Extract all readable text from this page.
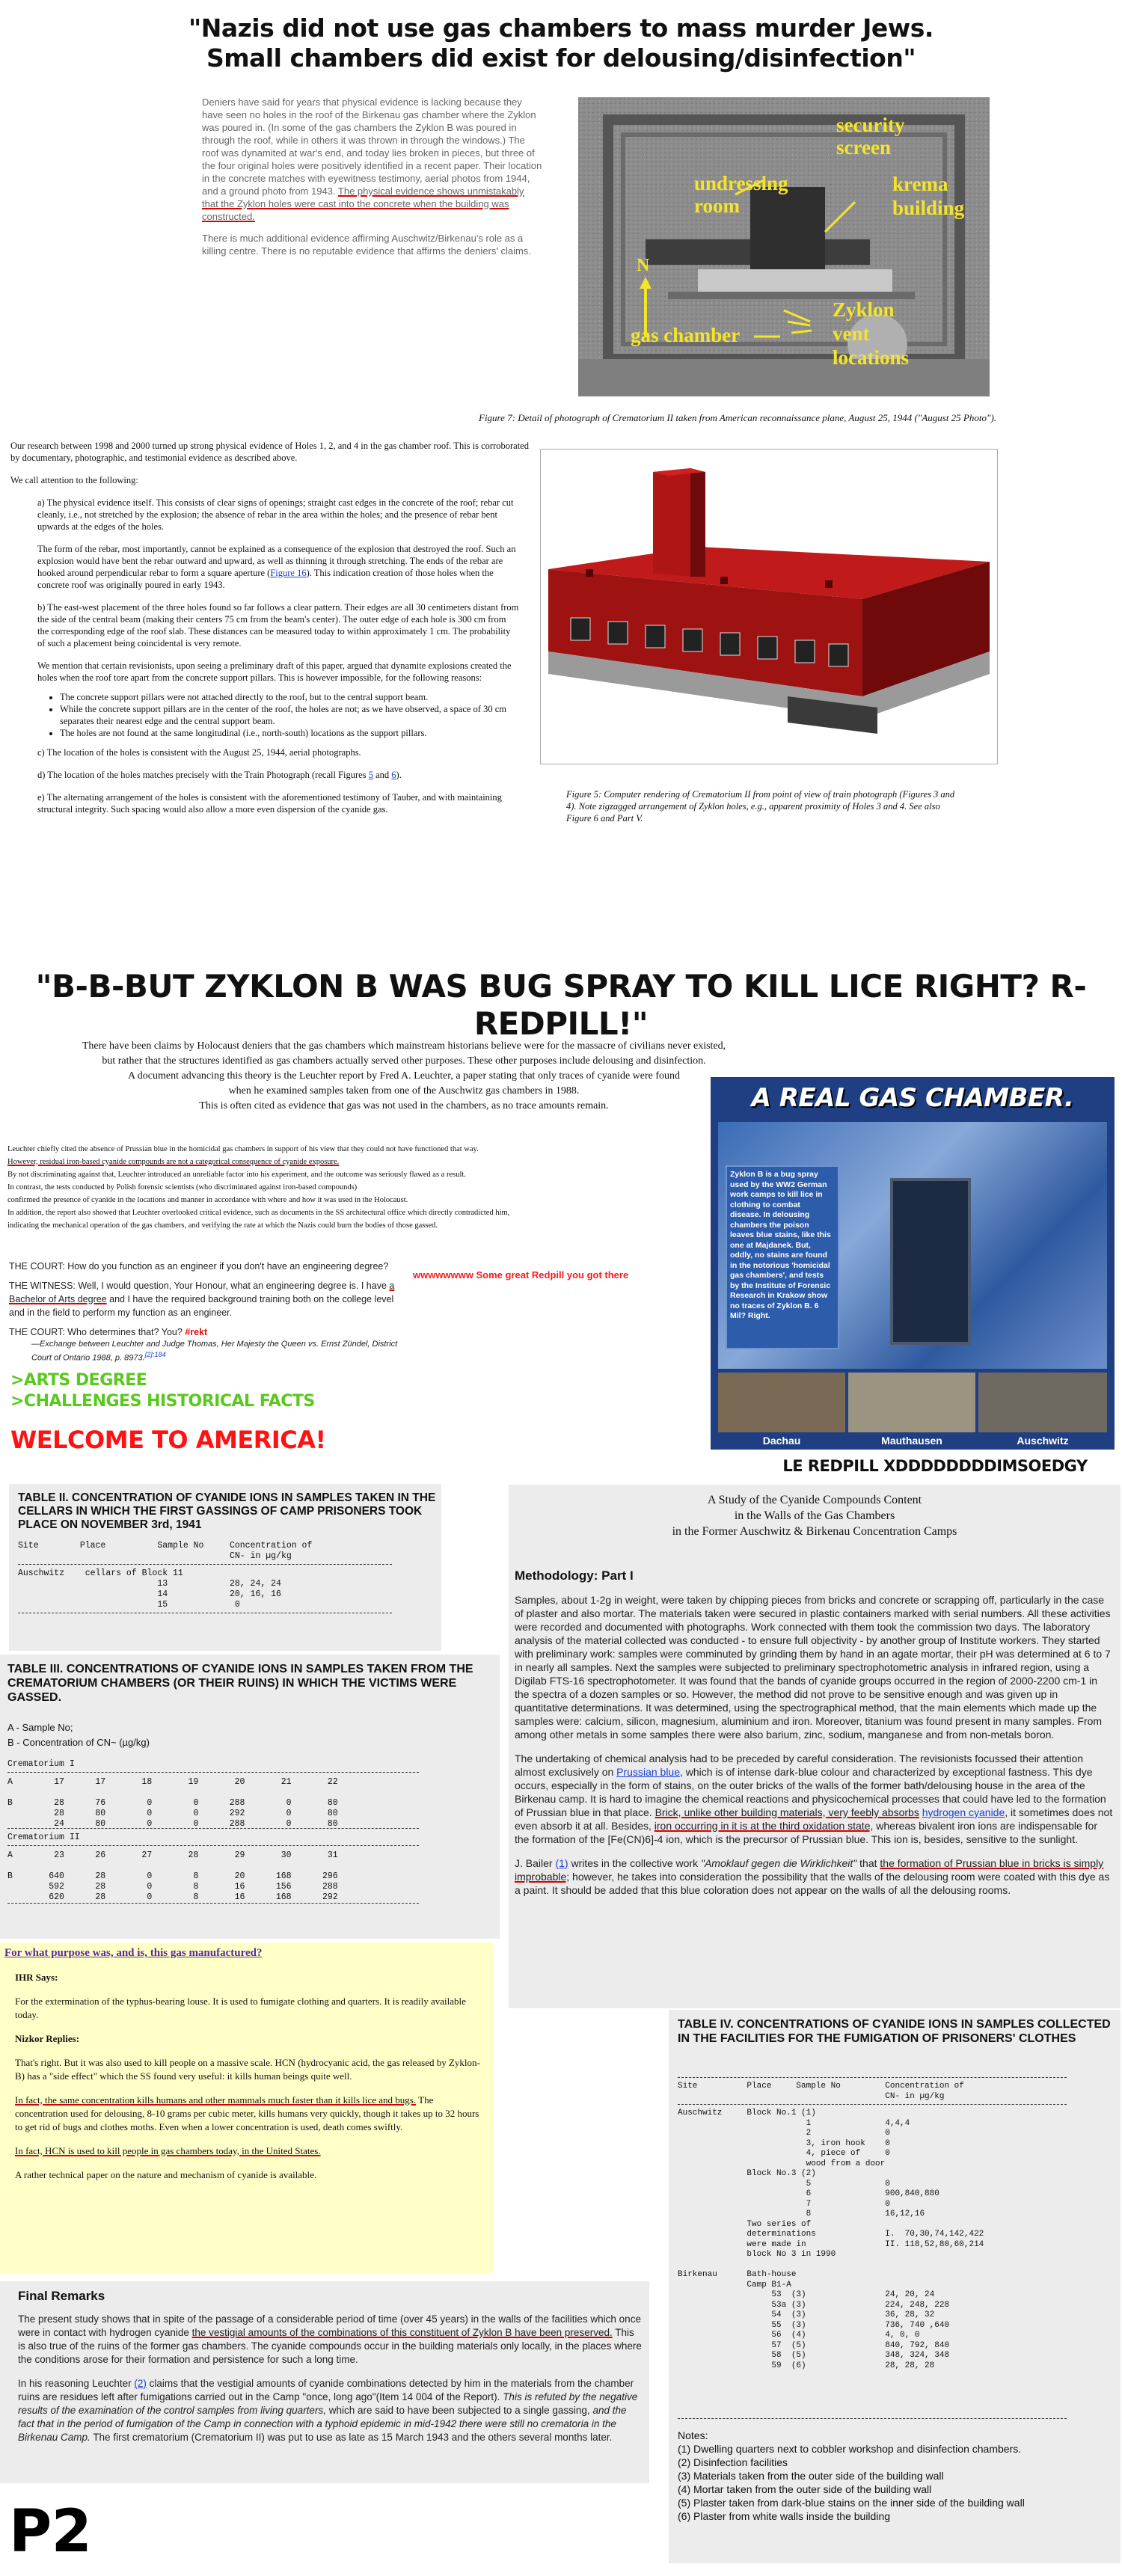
"Nazis did not use gas chambers to mass murder Jews.
Small chambers did exist for delousing/disinfection"
Deniers have said for years that physical evidence is lacking because they have seen no holes in the roof of the Birkenau gas chamber where the Zyklon was poured in. (In some of the gas chambers the Zyklon B was poured in through the roof, while in others it was thrown in through the windows.) The roof was dynamited at war's end, and today lies broken in pieces, but three of the four original holes were positively identified in a recent paper. Their location in the concrete matches with eyewitness testimony, aerial photos from 1944, and a ground photo from 1943. The physical evidence shows unmistakably that the Zyklon holes were cast into the concrete when the building was constructed.
There is much additional evidence affirming Auschwitz/Birkenau's role as a killing centre. There is no reputable evidence that affirms the deniers' claims.
security
screen
undressing
room
krema
building
N
gas chamber
Zyklon
vent
locations
Figure 7: Detail of photograph of Crematorium II taken from American reconnaissance plane, August 25, 1944 ("August 25 Photo").
Our research between 1998 and 2000 turned up strong physical evidence of Holes 1, 2, and 4 in the gas chamber roof. This is corroborated by documentary, photographic, and testimonial evidence as described above.
We call attention to the following:
a) The physical evidence itself. This consists of clear signs of openings; straight cast edges in the concrete of the roof; rebar cut cleanly, i.e., not stretched by the explosion; the absence of rebar in the area within the holes; and the presence of rebar bent upwards at the edges of the holes.
The form of the rebar, most importantly, cannot be explained as a consequence of the explosion that destroyed the roof. Such an explosion would have bent the rebar outward and upward, as well as thinning it through stretching. The ends of the rebar are hooked around perpendicular rebar to form a square aperture (Figure 16). This indication creation of those holes when the concrete roof was originally poured in early 1943.
b) The east-west placement of the three holes found so far follows a clear pattern. Their edges are all 30 centimeters distant from the side of the central beam (making their centers 75 cm from the beam's center). The outer edge of each hole is 300 cm from the corresponding edge of the roof slab. These distances can be measured today to within approximately 1 cm. The probability of such a placement being coincidental is very remote.
We mention that certain revisionists, upon seeing a preliminary draft of this paper, argued that dynamite explosions created the holes when the roof tore apart from the concrete support pillars. This is however impossible, for the following reasons:
• The concrete support pillars were not attached directly to the roof, but to the central support beam.
• While the concrete support pillars are in the center of the roof, the holes are not; as we have observed, a space of 30 cm separates their nearest edge and the central support beam.
• The holes are not found at the same longitudinal (i.e., north-south) locations as the support pillars.
c) The location of the holes is consistent with the August 25, 1944, aerial photographs.
d) The location of the holes matches precisely with the Train Photograph (recall Figures 5 and 6).
e) The alternating arrangement of the holes is consistent with the aforementioned testimony of Tauber, and with maintaining structural integrity. Such spacing would also allow a more even dispersion of the cyanide gas.
Figure 5: Computer rendering of Crematorium II from point of view of train photograph (Figures 3 and 4). Note zigzagged arrangement of Zyklon holes, e.g., apparent proximity of Holes 3 and 4. See also Figure 6 and Part V.
"B-B-BUT ZYKLON B WAS BUG SPRAY TO KILL LICE RIGHT? R-REDPILL!"
There have been claims by Holocaust deniers that the gas chambers which mainstream historians believe were for the massacre of civilians never existed,
but rather that the structures identified as gas chambers actually served other purposes. These other purposes include delousing and disinfection.
A document advancing this theory is the Leuchter report by Fred A. Leuchter, a paper stating that only traces of cyanide were found
when he examined samples taken from one of the Auschwitz gas chambers in 1988.
This is often cited as evidence that gas was not used in the chambers, as no trace amounts remain.
Leuchter chiefly cited the absence of Prussian blue in the homicidal gas chambers in support of his view that they could not have functioned that way.
However, residual iron-based cyanide compounds are not a categorical consequence of cyanide exposure.
By not discriminating against that, Leuchter introduced an unreliable factor into his experiment, and the outcome was seriously flawed as a result.
In contrast, the tests conducted by Polish forensic scientists (who discriminated against iron-based compounds)
confirmed the presence of cyanide in the locations and manner in accordance with where and how it was used in the Holocaust.
In addition, the report also showed that Leuchter overlooked critical evidence, such as documents in the SS architectural office which directly contradicted him,
indicating the mechanical operation of the gas chambers, and verifying the rate at which the Nazis could burn the bodies of those gassed.
THE COURT: How do you function as an engineer if you don't have an engineering degree?
THE WITNESS: Well, I would question, Your Honour, what an engineering degree is. I have a Bachelor of Arts degree and I have the required background training both on the college level and in the field to perform my function as an engineer.
THE COURT: Who determines that? You? #rekt
—Exchange between Leuchter and Judge Thomas, Her Majesty the Queen vs. Ernst Zündel, District Court of Ontario 1988, p. 8973.$^{[2]:184}$
wwwwwwww Some great Redpill you got there
>ARTS DEGREE
>CHALLENGES HISTORICAL FACTS
WELCOME TO AMERICA!
A REAL GAS CHAMBER.
Zyklon B is a bug spray used by the WW2 German work camps to kill lice in clothing to combat disease. In delousing chambers the poison leaves blue stains, like this one at Majdanek. But, oddly, no stains are found in the notorious 'homicidal gas chambers', and tests by the Institute of Forensic Research in Krakow show no traces of Zyklon B. 6 Mil? Right.
Dachau	Mauthausen	Auschwitz
LE REDPILL XDDDDDDDDIMSOEDGY
TABLE II. CONCENTRATION OF CYANIDE IONS IN SAMPLES TAKEN IN THE CELLARS IN WHICH THE FIRST GASSINGS OF CAMP PRISONERS TOOK PLACE ON NOVEMBER 3rd, 1941
Site        Place          Sample No     Concentration of
CN- in µg/kg
Auschwitz    cellars of Block 11
13            28, 24, 24
14            20, 16, 16
15             0
TABLE III. CONCENTRATIONS OF CYANIDE IONS IN SAMPLES TAKEN FROM THE CREMATORIUM CHAMBERS (OR THEIR RUINS) IN WHICH THE VICTIMS WERE GASSED.
A - Sample No;
B - Concentration of CN~ (µg/kg)
Crematorium I
A        17      17       18       19       20       21       22

B        28      76        0        0      288        0       80
28      80        0        0      292        0       80
24      80        0        0      288        0       80
Crematorium II
A        23      26       27       28       29       30       31

B       640      28        0        8       20      168      296
592      28        0        8       16      156      288
620      28        0        8       16      168      292
A Study of the Cyanide Compounds Content
in the Walls of the Gas Chambers
in the Former Auschwitz & Birkenau Concentration Camps
Methodology: Part I
Samples, about 1-2g in weight, were taken by chipping pieces from bricks and concrete or scrapping off, particularly in the case of plaster and also mortar. The materials taken were secured in plastic containers marked with serial numbers. All these activities were recorded and documented with photographs. Work connected with them took the commission two days. The laboratory analysis of the material collected was conducted - to ensure full objectivity - by another group of Institute workers. They started with preliminary work: samples were comminuted by grinding them by hand in an agate mortar, their pH was determined at 6 to 7 in nearly all samples. Next the samples were subjected to preliminary spectrophotometric analysis in infrared region, using a Digilab FTS-16 spectrophotometer. It was found that the bands of cyanide groups occurred in the region of 2000-2200 cm-1 in the spectra of a dozen samples or so. However, the method did not prove to be sensitive enough and was given up in quantitative determinations. It was determined, using the spectrographical method, that the main elements which made up the samples were: calcium, silicon, magnesium, aluminium and iron. Moreover, titanium was found present in many samples. From among other metals in some samples there were also barium, zinc, sodium, manganese and from non-metals boron.
The undertaking of chemical analysis had to be preceded by careful consideration. The revisionists focussed their attention almost exclusively on Prussian blue, which is of intense dark-blue colour and characterized by exceptional fastness. This dye occurs, especially in the form of stains, on the outer bricks of the walls of the former bath/delousing house in the area of the Birkenau camp. It is hard to imagine the chemical reactions and physicochemical processes that could have led to the formation of Prussian blue in that place. Brick, unlike other building materials, very feebly absorbs hydrogen cyanide, it sometimes does not even absorb it at all. Besides, iron occurring in it is at the third oxidation state, whereas bivalent iron ions are indispensable for the formation of the [Fe(CN)6]-4 ion, which is the precursor of Prussian blue. This ion is, besides, sensitive to the sunlight.
J. Bailer (1) writes in the collective work "Amoklauf gegen die Wirklichkeit" that the formation of Prussian blue in bricks is simply improbable; however, he takes into consideration the possibility that the walls of the delousing room were coated with this dye as a paint. It should be added that this blue coloration does not appear on the walls of all the delousing rooms.
For what purpose was, and is, this gas manufactured?
IHR Says:
For the extermination of the typhus-bearing louse. It is used to fumigate clothing and quarters. It is readily available today.
Nizkor Replies:
That's right. But it was also used to kill people on a massive scale. HCN (hydrocyanic acid, the gas released by Zyklon-B) has a "side effect" which the SS found very useful: it kills human beings quite well.
In fact, the same concentration kills humans and other mammals much faster than it kills lice and bugs. The concentration used for delousing, 8-10 grams per cubic meter, kills humans very quickly, though it takes up to 32 hours to get rid of bugs and clothes moths. Even when a lower concentration is used, death comes swiftly.
In fact, HCN is used to kill people in gas chambers today, in the United States.
A rather technical paper on the nature and mechanism of cyanide is available.
Final Remarks
The present study shows that in spite of the passage of a considerable period of time (over 45 years) in the walls of the facilities which once were in contact with hydrogen cyanide the vestigial amounts of the combinations of this constituent of Zyklon B have been preserved. This is also true of the ruins of the former gas chambers. The cyanide compounds occur in the building materials only locally, in the places where the conditions arose for their formation and persistence for such a long time.
In his reasoning Leuchter (2) claims that the vestigial amounts of cyanide combinations detected by him in the materials from the chamber ruins are residues left after fumigations carried out in the Camp "once, long ago"(Item 14 004 of the Report). This is refuted by the negative results of the examination of the control samples from living quarters, which are said to have been subjected to a single gassing, and the fact that in the period of fumigation of the Camp in connection with a typhoid epidemic in mid-1942 there were still no crematoria in the Birkenau Camp. The first crematorium (Crematorium II) was put to use as late as 15 March 1943 and the others several months later.
TABLE IV. CONCENTRATIONS OF CYANIDE IONS IN SAMPLES COLLECTED IN THE FACILITIES FOR THE FUMIGATION OF PRISONERS' CLOTHES
Site          Place     Sample No         Concentration of
CN- in µg/kg
Auschwitz     Block No.1 (1)
1               4,4,4
2               0
3, iron hook    0
4, piece of     0
wood from a door
Block No.3 (2)
5               0
6               900,840,880
7               0
8               16,12,16
Two series of
determinations              I.  70,30,74,142,422
were made in                II. 118,52,80,60,214
block No 3 in 1990

Birkenau      Bath-house
Camp B1-A
53  (3)                24, 20, 24
53a (3)                224, 248, 228
54  (3)                36, 28, 32
55  (3)                736, 740 ,640
56  (4)                4, 0, 0
57  (5)                840, 792, 840
58  (5)                348, 324, 348
59  (6)                28, 28, 28
Notes:
(1) Dwelling quarters next to cobbler workshop and disinfection chambers.
(2) Disinfection facilities
(3) Materials taken from the outer side of the building wall
(4) Mortar taken from the outer side of the building wall
(5) Plaster taken from dark-blue stains on the inner side of the building wall
(6) Plaster from white walls inside the building
P2
